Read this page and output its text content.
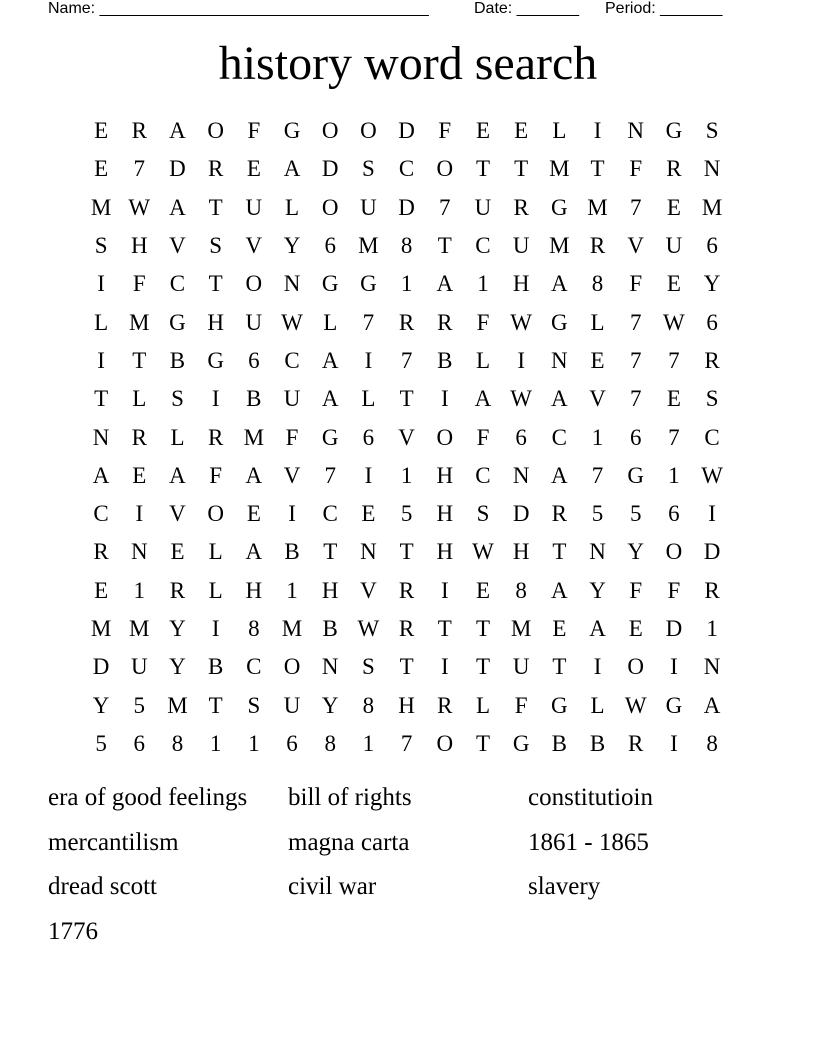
Name: _____________________________________	Date: _______ Period: _______
history word search
E	R A O	F	G O O D	F	E	E	L	I	N G	S
E	7	D R	E A D	S	C O T	T M T	F	R N
M W A T U L O U D	7	U R G M 7	E M
S	H V	S	V Y	6 M 8	T	C U M R V U	6
I	F	C	T O N G G	1	A	1	H A	8	F	E Y
L M G H U W L	7	R R	F W G L	7 W 6
I	T	B G	6	C A	I	7	B	L	I	N E	7	7	R
T	L	S	I	B U A L	T	I	A W A V	7	E	S
N R	L	R M F	G	6	V O	F	6	C	1	6	7	C
A E A	F	A V	7	I	1	H C N A	7	G	1 W
C	I	V O E	I	C	E	5	H	S	D R	5	5	6	I
R N E	L A B	T N T H W H T N Y O D
E	1	R	L H	1	H V R	I	E	8	A Y	F	F	R
M M Y	I	8 M B W R	T	T M E A E D	1
D U Y B C O N	S	T	I	T U T	I	O	I	N
Y	5 M T	S	U Y	8	H R	L	F	G L W G A
5	6	8	1	1	6	8	1	7	O T G B B R	I	8
era of good feelings	bill of rights	constitutioin
mercantilism	magna carta	1861 - 1865
dread scott	civil war	slavery
1776
